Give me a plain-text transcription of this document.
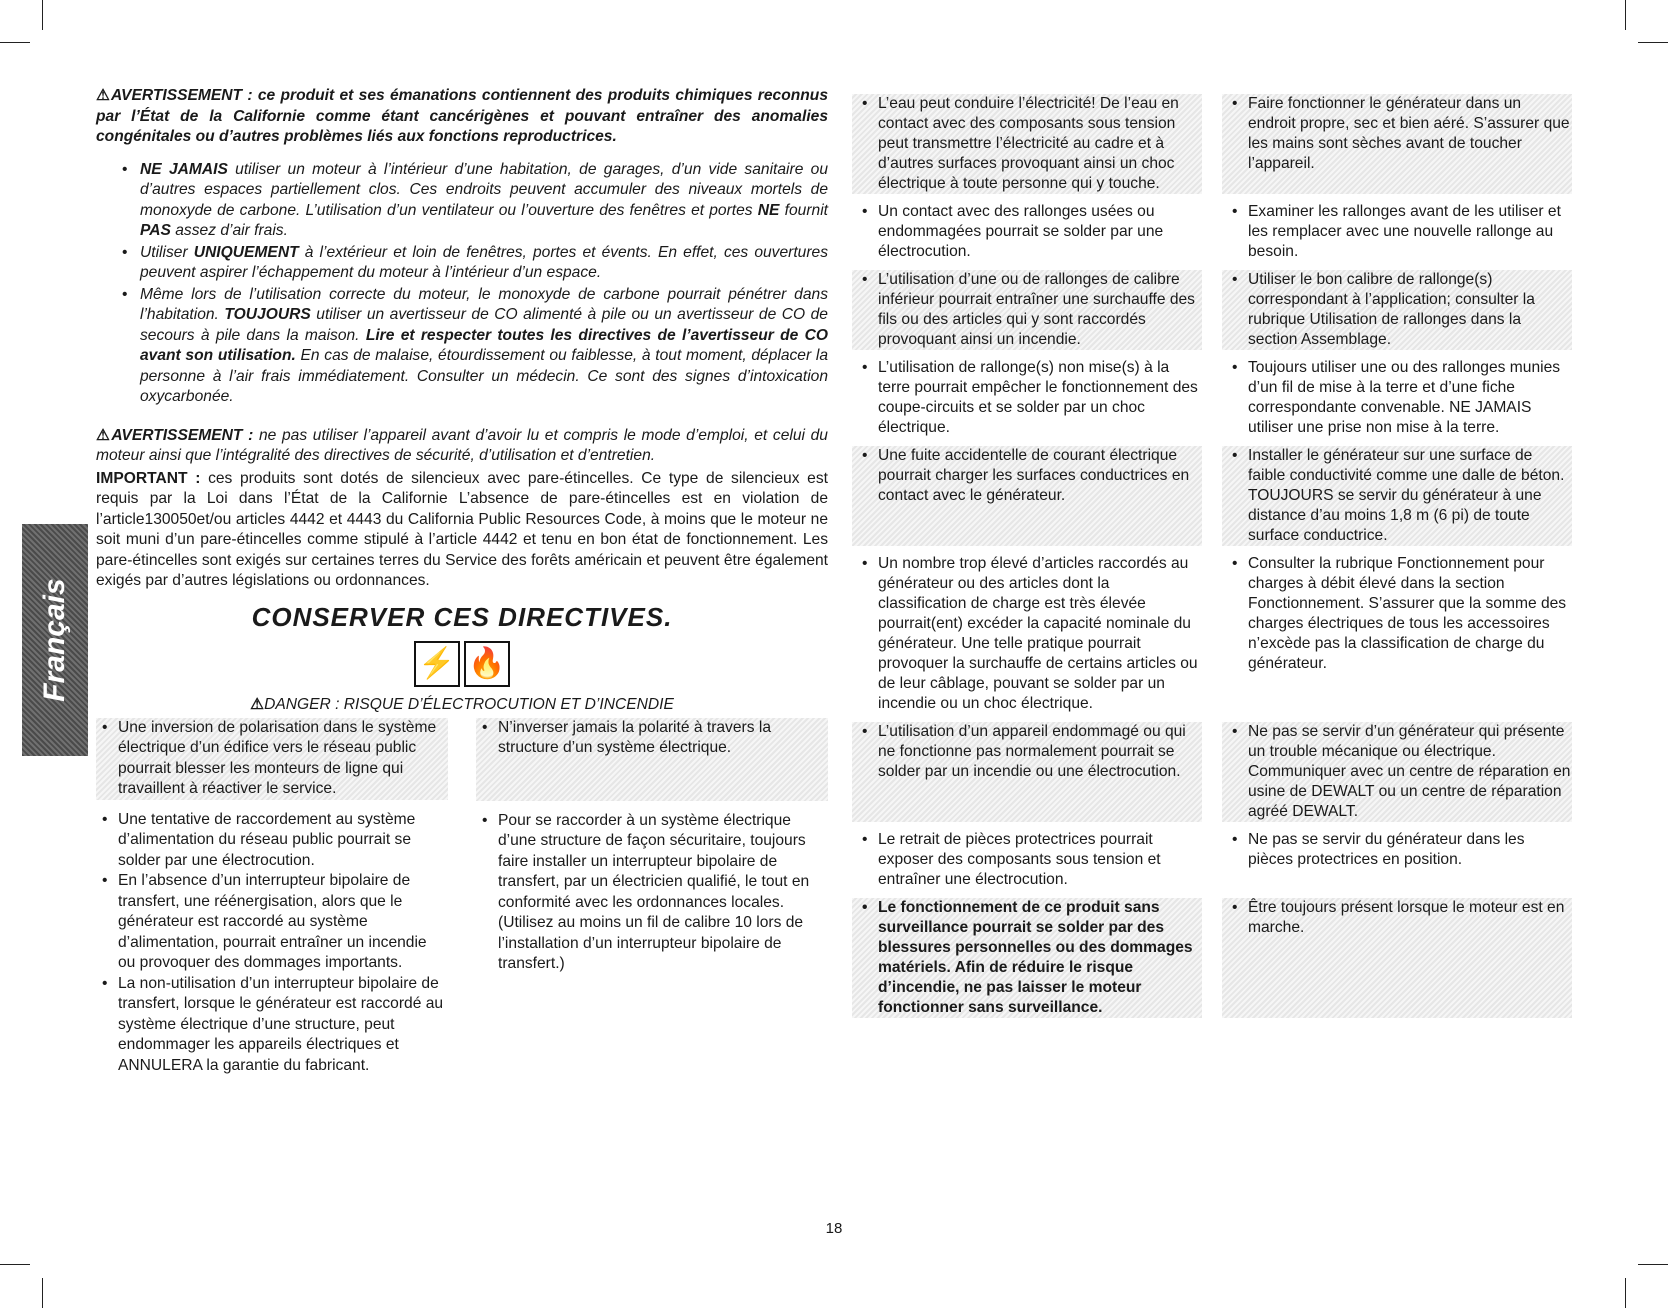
Français

⚠AVERTISSEMENT : ce produit et ses émanations contiennent des produits chimiques reconnus par l’État de la Californie comme étant cancérigènes et pouvant entraîner des anomalies congénitales ou d’autres problèmes liés aux fonctions reproductrices.

• NE JAMAIS utiliser un moteur à l’intérieur d’une habitation, de garages, d’un vide sanitaire ou d’autres espaces partiellement clos. Ces endroits peuvent accumuler des niveaux mortels de monoxyde de carbone. L’utilisation d’un ventilateur ou l’ouverture des fenêtres et portes NE fournit PAS assez d’air frais.
• Utiliser UNIQUEMENT à l’extérieur et loin de fenêtres, portes et évents. En effet, ces ouvertures peuvent aspirer l’échappement du moteur à l’intérieur d’un espace.
• Même lors de l’utilisation correcte du moteur, le monoxyde de carbone pourrait pénétrer dans l’habitation. TOUJOURS utiliser un avertisseur de CO alimenté à pile ou un avertisseur de CO de secours à pile dans la maison. Lire et respecter toutes les directives de l’avertisseur de CO avant son utilisation. En cas de malaise, étourdissement ou faiblesse, à tout moment, déplacer la personne à l’air frais immédiatement. Consulter un médecin. Ce sont des signes d’intoxication oxycarbonée.

⚠AVERTISSEMENT : ne pas utiliser l’appareil avant d’avoir lu et compris le mode d’emploi, et celui du moteur ainsi que l’intégralité des directives de sécurité, d’utilisation et d’entretien.

IMPORTANT : ces produits sont dotés de silencieux avec pare-étincelles. Ce type de silencieux est requis par la Loi dans l’État de la Californie L’absence de pare-étincelles est en violation de l’article130050et/ou articles 4442 et 4443 du California Public Resources Code, à moins que le moteur ne soit muni d’un pare-étincelles comme stipulé à l’article 4442 et tenu en bon état de fonctionnement. Les pare-étincelles sont exigés sur certaines terres du Service des forêts américain et peuvent être également exigés par d’autres législations ou ordonnances.

CONSERVER CES DIRECTIVES.
⚡ 🔥
⚠DANGER : RISQUE D’ÉLECTROCUTION ET D’INCENDIE
• Une inversion de polarisation dans le système électrique d’un édifice vers le réseau public pourrait blesser les monteurs de ligne qui travaillent à réactiver le service.
• Une tentative de raccordement au système d’alimentation du réseau public pourrait se solder par une électrocution.
• En l’absence d’un interrupteur bipolaire de transfert, une réénergisation, alors que le générateur est raccordé au système d’alimentation, pourrait entraîner un incendie ou provoquer des dommages importants.
• La non-utilisation d’un interrupteur bipolaire de transfert, lorsque le générateur est raccordé au système électrique d’une structure, peut endommager les appareils électriques et ANNULERA la garantie du fabricant.
• N’inverser jamais la polarité à travers la structure d’un système électrique.
• Pour se raccorder à un système électrique d’une structure de façon sécuritaire, toujours faire installer un interrupteur bipolaire de transfert, par un électricien qualifié, le tout en conformité avec les ordonnances locales. (Utilisez au moins un fil de calibre 10 lors de l’installation d’un interrupteur bipolaire de transfert.)
• L’eau peut conduire l’électricité! De l’eau en contact avec des composants sous tension peut transmettre l’électricité au cadre et à d’autres surfaces provoquant ainsi un choc électrique à toute personne qui y touche.
• Faire fonctionner le générateur dans un endroit propre, sec et bien aéré. S’assurer que les mains sont sèches avant de toucher l’appareil.
• Un contact avec des rallonges usées ou endommagées pourrait se solder par une électrocution.
• Examiner les rallonges avant de les utiliser et les remplacer avec une nouvelle rallonge au besoin.
• L’utilisation d’une ou de rallonges de calibre inférieur pourrait entraîner une surchauffe des fils ou des articles qui y sont raccordés provoquant ainsi un incendie.
• Utiliser le bon calibre de rallonge(s) correspondant à l’application; consulter la rubrique Utilisation de rallonges dans la section Assemblage.
• L’utilisation de rallonge(s) non mise(s) à la terre pourrait empêcher le fonctionnement des coupe-circuits et se solder par un choc électrique.
• Toujours utiliser une ou des rallonges munies d’un fil de mise à la terre et d’une fiche correspondante convenable. NE JAMAIS utiliser une prise non mise à la terre.
• Une fuite accidentelle de courant électrique pourrait charger les surfaces conductrices en contact avec le générateur.
• Installer le générateur sur une surface de faible conductivité comme une dalle de béton. TOUJOURS se servir du générateur à une distance d’au moins 1,8 m (6 pi) de toute surface conductrice.
• Un nombre trop élevé d’articles raccordés au générateur ou des articles dont la classification de charge est très élevée pourrait(ent) excéder la capacité nominale du générateur. Une telle pratique pourrait provoquer la surchauffe de certains articles ou de leur câblage, pouvant se solder par un incendie ou un choc électrique.
• Consulter la rubrique Fonctionnement pour charges à débit élevé dans la section Fonctionnement. S’assurer que la somme des charges électriques de tous les accessoires n’excède pas la classification de charge du générateur.
• L’utilisation d’un appareil endommagé ou qui ne fonctionne pas normalement pourrait se solder par un incendie ou une électrocution.
• Ne pas se servir d’un générateur qui présente un trouble mécanique ou électrique. Communiquer avec un centre de réparation en usine de DEWALT ou un centre de réparation agréé DEWALT.
• Le retrait de pièces protectrices pourrait exposer des composants sous tension et entraîner une électrocution.
• Ne pas se servir du générateur dans les pièces protectrices en position.
• Le fonctionnement de ce produit sans surveillance pourrait se solder par des blessures personnelles ou des dommages matériels. Afin de réduire le risque d’incendie, ne pas laisser le moteur fonctionner sans surveillance.
• Être toujours présent lorsque le moteur est en marche.
18
